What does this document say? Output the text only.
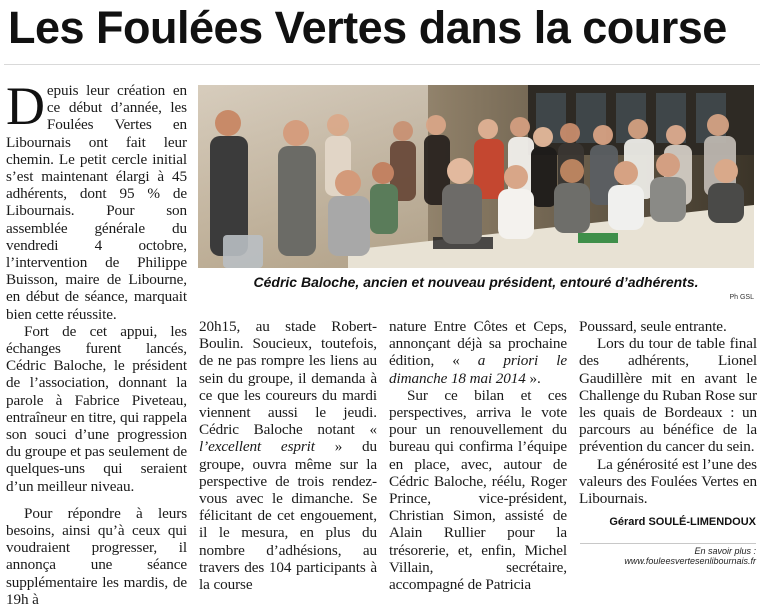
Les Foulées Vertes dans la course

Depuis leur création en ce début d’année, les Foulées Vertes en Libournais ont fait leur chemin. Le petit cercle initial s’est maintenant élargi à 45 adhérents, dont 95 % de Libournais. Pour son assemblée générale du vendredi 4 octobre, l’intervention de Philippe Buisson, maire de Libourne, en début de séance, marquait bien cette réussite.

Fort de cet appui, les échanges furent lancés, Cédric Baloche, le président de l’association, donnant la parole à Fabrice Piveteau, entraîneur en titre, qui rappela son souci d’une progression du groupe et pas seulement de quelques-uns qui seraient d’un meilleur niveau.

Pour répondre à leurs besoins, ainsi qu’à ceux qui voudraient progresser, il annonça une séance supplémentaire les mardis, de 19h à

Cédric Baloche, ancien et nouveau président, entouré d’adhérents.
Ph GSL

20h15, au stade Robert-Boulin. Soucieux, toutefois, de ne pas rompre les liens au sein du groupe, il demanda à ce que les coureurs du mardi viennent aussi le jeudi. Cédric Baloche notant « l’excellent esprit » du groupe, ouvra même sur la perspective de trois rendez-vous avec le dimanche. Se félicitant de cet engouement, il le mesura, en plus du nombre d’adhésions, au travers des 104 participants à la course

nature Entre Côtes et Ceps, annonçant déjà sa prochaine édition, « a priori le dimanche 18 mai 2014 ».

Sur ce bilan et ces perspectives, arriva le vote pour un renouvellement du bureau qui confirma l’équipe en place, avec, autour de Cédric Baloche, réélu, Roger Prince, vice-président, Christian Simon, assisté de Alain Rullier pour la trésorerie, et, enfin, Michel Villain, secrétaire, accompagné de Patricia

Poussard, seule entrante.

Lors du tour de table final des adhérents, Lionel Gaudillère mit en avant le Challenge du Ruban Rose sur les quais de Bordeaux : un parcours au bénéfice de la prévention du cancer du sein.

La générosité est l’une des valeurs des Foulées Vertes en Libournais.

Gérard SOULÉ-LIMENDOUX
En savoir plus : www.fouleesvertesenlibournais.fr
